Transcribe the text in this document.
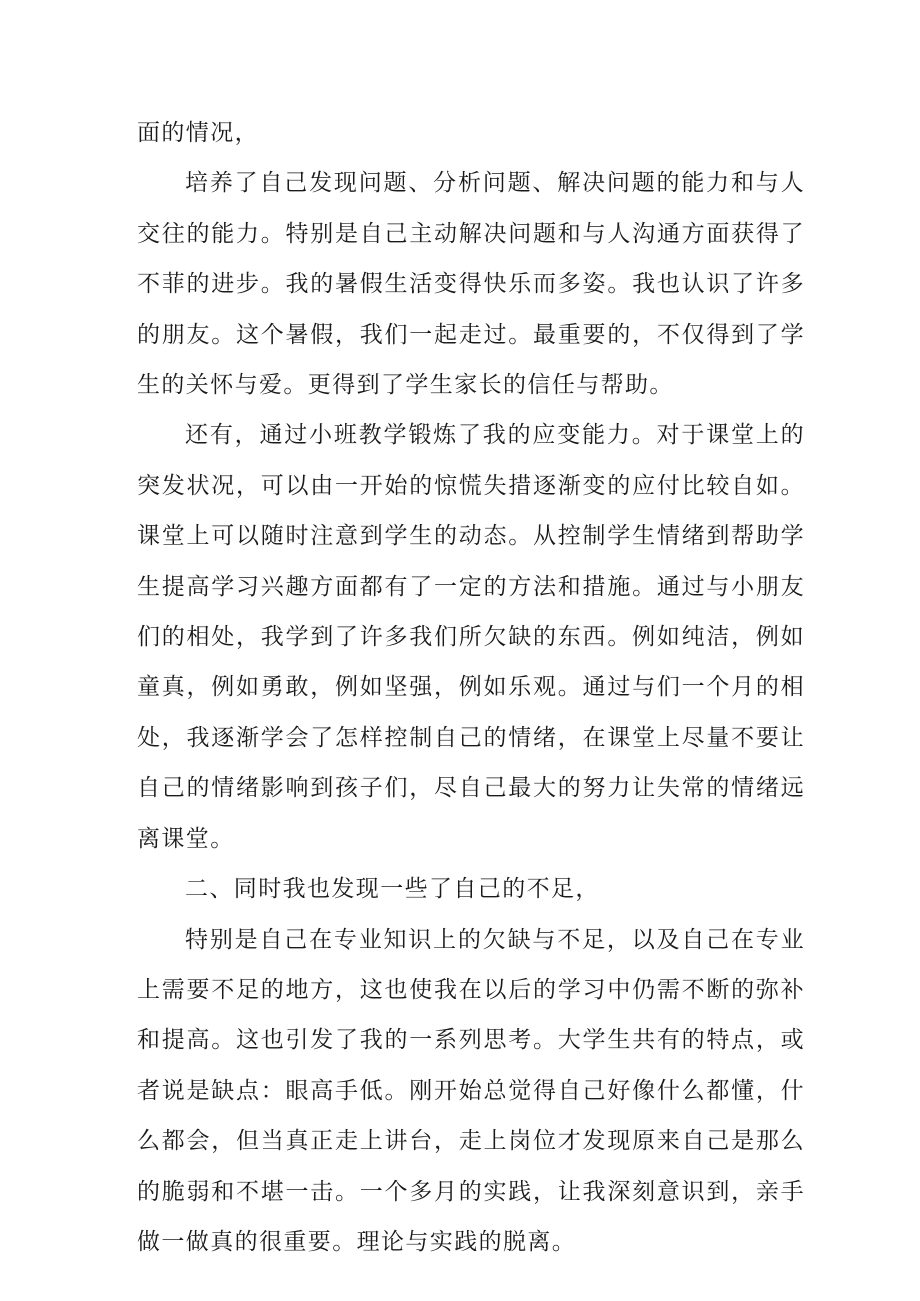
面的情况，

培养了自己发现问题、分析问题、解决问题的能力和与人交往的能力。特别是自己主动解决问题和与人沟通方面获得了不菲的进步。我的暑假生活变得快乐而多姿。我也认识了许多的朋友。这个暑假，我们一起走过。最重要的，不仅得到了学生的关怀与爱。更得到了学生家长的信任与帮助。

还有，通过小班教学锻炼了我的应变能力。对于课堂上的突发状况，可以由一开始的惊慌失措逐渐变的应付比较自如。课堂上可以随时注意到学生的动态。从控制学生情绪到帮助学生提高学习兴趣方面都有了一定的方法和措施。通过与小朋友们的相处，我学到了许多我们所欠缺的东西。例如纯洁，例如童真，例如勇敢，例如坚强，例如乐观。通过与们一个月的相处，我逐渐学会了怎样控制自己的情绪，在课堂上尽量不要让自己的情绪影响到孩子们，尽自己最大的努力让失常的情绪远离课堂。

二、同时我也发现一些了自己的不足，

特别是自己在专业知识上的欠缺与不足，以及自己在专业上需要不足的地方，这也使我在以后的学习中仍需不断的弥补和提高。这也引发了我的一系列思考。大学生共有的特点，或者说是缺点：眼高手低。刚开始总觉得自己好像什么都懂，什么都会，但当真正走上讲台，走上岗位才发现原来自己是那么的脆弱和不堪一击。一个多月的实践，让我深刻意识到，亲手做一做真的很重要。理论与实践的脱离。
